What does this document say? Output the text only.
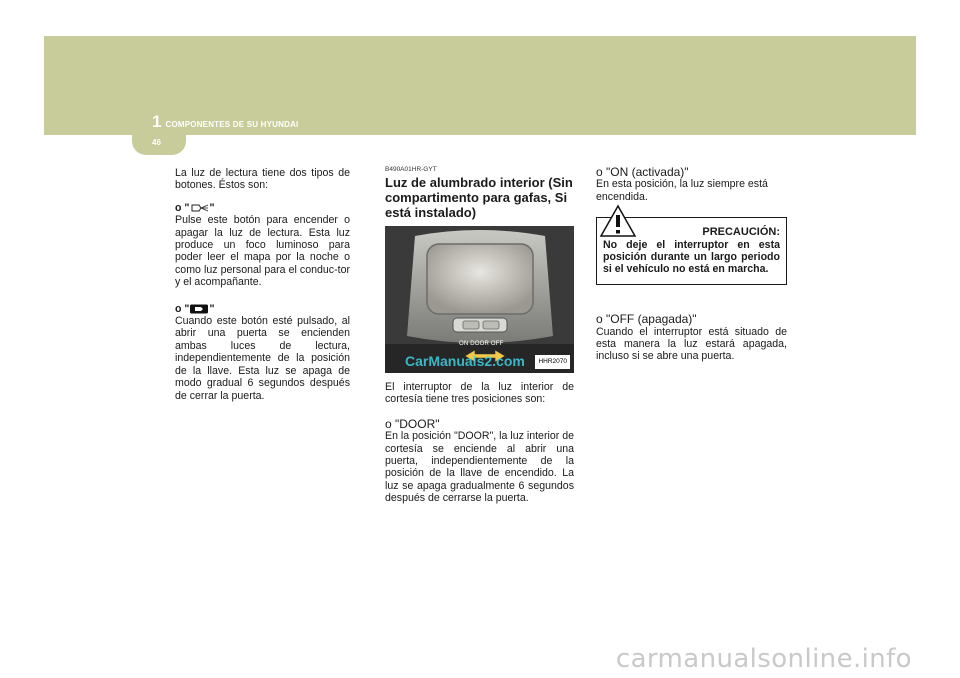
1 COMPONENTES DE SU HYUNDAI
46

La luz de lectura tiene dos tipos de botones. Éstos son:

o " "

Pulse este botón para encender o apagar la luz de lectura. Esta luz produce un foco luminoso para poder leer el mapa por la noche o como luz personal para el conduc-tor y el acompañante.

o " "

Cuando este botón esté pulsado, al abrir una puerta se encienden ambas luces de lectura, independientemente de la posición de la llave. Esta luz se apaga de modo gradual 6 segundos después de cerrar la puerta.

B490A01HR-GYT

Luz de alumbrado interior (Sin compartimento para gafas, Si está instalado)

ON DOOR OFF
CarManuals2.com	HHR2070

El interruptor de la luz interior de cortesía tiene tres posiciones son:

o "DOOR"

En la posición "DOOR", la luz interior de cortesía se enciende al abrir una puerta, independientemente de la posición de la llave de encendido. La luz se apaga gradualmente 6 segundos después de cerrarse la puerta.

o "ON (activada)"

En esta posición, la luz siempre está encendida.

PRECAUCIÓN:

No deje el interruptor en esta posición durante un largo periodo si el vehículo no está en marcha.

o "OFF (apagada)"

Cuando el interruptor está situado de esta manera la luz estará apagada, incluso si se abre una puerta.

carmanualsonline.info
